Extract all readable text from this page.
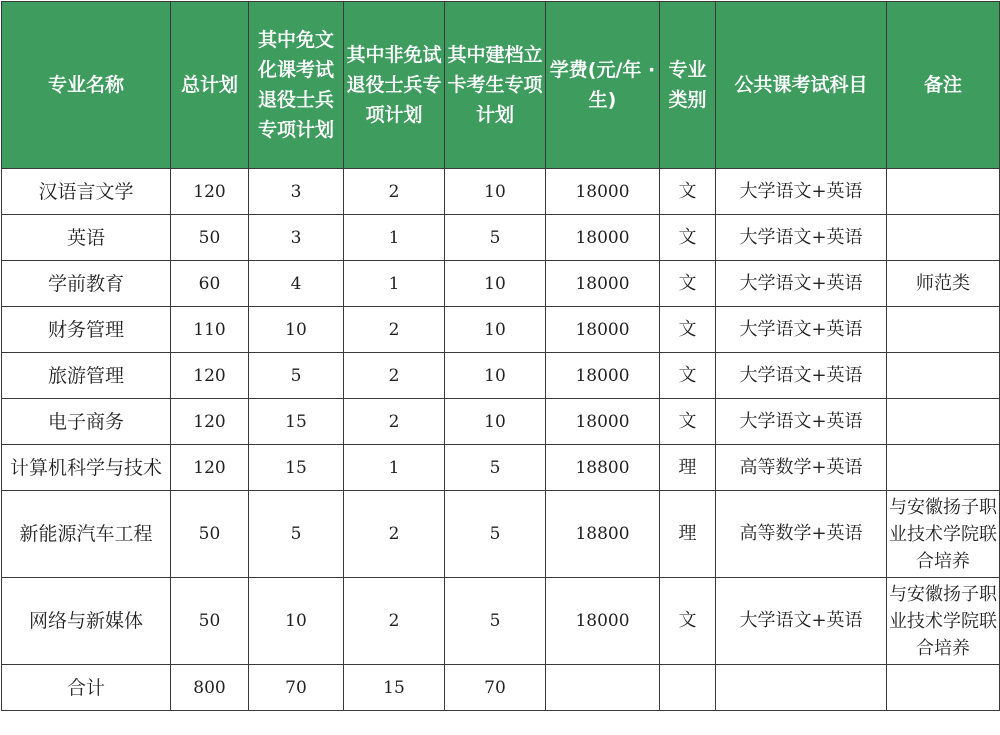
专业名称	总计划	其中免文化课考试退役士兵专项计划	其中非免试退役士兵专项计划	其中建档立卡考生专项计划	学费(元/年 · 生)	专业类别	公共课考试科目	备注
汉语言文学	120	3	2	10	18000	文	大学语文+英语	
英语	50	3	1	5	18000	文	大学语文+英语	
学前教育	60	4	1	10	18000	文	大学语文+英语	师范类
财务管理	110	10	2	10	18000	文	大学语文+英语	
旅游管理	120	5	2	10	18000	文	大学语文+英语	
电子商务	120	15	2	10	18000	文	大学语文+英语	
计算机科学与技术	120	15	1	5	18800	理	高等数学+英语	
新能源汽车工程	50	5	2	5	18800	理	高等数学+英语	与安徽扬子职业技术学院联合培养
网络与新媒体	50	10	2	5	18000	文	大学语文+英语	与安徽扬子职业技术学院联合培养
合计	800	70	15	70				
